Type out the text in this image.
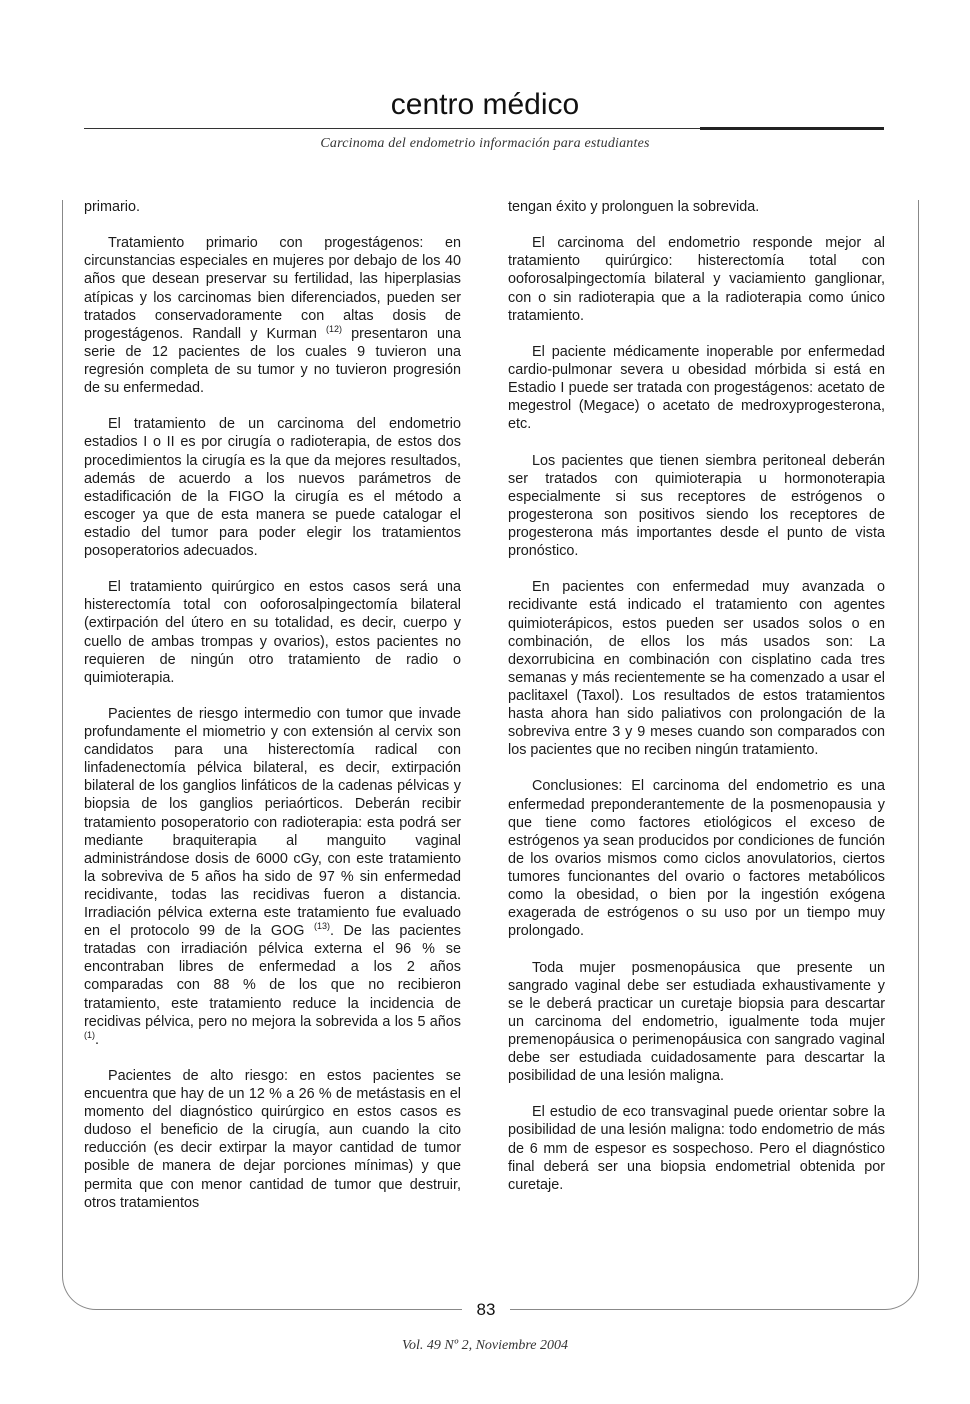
centro médico
Carcinoma del endometrio información para estudiantes

primario.

Tratamiento primario con progestágenos: en circunstancias especiales en mujeres por debajo de los 40 años que desean preservar su fertilidad, las hiperplasias atípicas y los carcinomas bien diferenciados, pueden ser tratados conservadoramente con altas dosis de progestágenos. Randall y Kurman $^{(12)}$ presentaron una serie de 12 pacientes de los cuales 9 tuvieron una regresión completa de su tumor y no tuvieron progresión de su enfermedad.

El tratamiento de un carcinoma del endometrio estadios I o II es por cirugía o radioterapia, de estos dos procedimientos la cirugía es la que da mejores resultados, además de acuerdo a los nuevos parámetros de estadificación de la FIGO la cirugía es el método a escoger ya que de esta manera se puede catalogar el estadio del tumor para poder elegir los tratamientos posoperatorios adecuados.

El tratamiento quirúrgico en estos casos será una histerectomía total con ooforosalpingectomía bilateral (extirpación del útero en su totalidad, es decir, cuerpo y cuello de ambas trompas y ovarios), estos pacientes no requieren de ningún otro tratamiento de radio o quimioterapia.

Pacientes de riesgo intermedio con tumor que invade profundamente el miometrio y con extensión al cervix son candidatos para una histerectomía radical con linfadenectomía pélvica bilateral, es decir, extirpación bilateral de los ganglios linfáticos de la cadenas pélvicas y biopsia de los ganglios periaórticos. Deberán recibir tratamiento posoperatorio con radioterapia: esta podrá ser mediante braquiterapia al manguito vaginal administrándose dosis de 6000 cGy, con este tratamiento la sobreviva de 5 años ha sido de 97 % sin enfermedad recidivante, todas las recidivas fueron a distancia. Irradiación pélvica externa este tratamiento fue evaluado en el protocolo 99 de la GOG $^{(13)}$. De las pacientes tratadas con irradiación pélvica externa el 96 % se encontraban libres de enfermedad a los 2 años comparadas con 88 % de los que no recibieron tratamiento, este tratamiento reduce la incidencia de recidivas pélvica, pero no mejora la sobrevida a los 5 años $^{(1)}$.

Pacientes de alto riesgo: en estos pacientes se encuentra que hay de un 12 % a 26 % de metástasis en el momento del diagnóstico quirúrgico en estos casos es dudoso el beneficio de la cirugía, aun cuando la cito reducción (es decir extirpar la mayor cantidad de tumor posible de manera de dejar porciones mínimas) y que permita que con menor cantidad de tumor que destruir, otros tratamientos

tengan éxito y prolonguen la sobrevida.

El carcinoma del endometrio responde mejor al tratamiento quirúrgico: histerectomía total con ooforosalpingectomía bilateral y vaciamiento ganglionar, con o sin radioterapia que a la radioterapia como único tratamiento.

El paciente médicamente inoperable por enfermedad cardio-pulmonar severa u obesidad mórbida si está en Estadio I puede ser tratada con progestágenos: acetato de megestrol (Megace) o acetato de medroxyprogesterona, etc.

Los pacientes que tienen siembra peritoneal deberán ser tratados con quimioterapia u hormonoterapia especialmente si sus receptores de estrógenos o progesterona son positivos siendo los receptores de progesterona más importantes desde el punto de vista pronóstico.

En pacientes con enfermedad muy avanzada o recidivante está indicado el tratamiento con agentes quimioterápicos, estos pueden ser usados solos o en combinación, de ellos los más usados son: La dexorrubicina en combinación con cisplatino cada tres semanas y más recientemente se ha comenzado a usar el paclitaxel (Taxol). Los resultados de estos tratamientos hasta ahora han sido paliativos con prolongación de la sobreviva entre 3 y 9 meses cuando son comparados con los pacientes que no reciben ningún tratamiento.

Conclusiones: El carcinoma del endometrio es una enfermedad preponderantemente de la posmenopausia y que tiene como factores etiológicos el exceso de estrógenos ya sean producidos por condiciones de función de los ovarios mismos como ciclos anovulatorios, ciertos tumores funcionantes del ovario o factores metabólicos como la obesidad, o bien por la ingestión exógena exagerada de estrógenos o su uso por un tiempo muy prolongado.

Toda mujer posmenopáusica que presente un sangrado vaginal debe ser estudiada exhaustivamente y se le deberá practicar un curetaje biopsia para descartar un carcinoma del endometrio, igualmente toda mujer premenopáusica o perimenopáusica con sangrado vaginal debe ser estudiada cuidadosamente para descartar la posibilidad de una lesión maligna.

El estudio de eco transvaginal puede orientar sobre la posibilidad de una lesión maligna: todo endometrio de más de 6 mm de espesor es sospechoso. Pero el diagnóstico final deberá ser una biopsia endometrial obtenida por curetaje.

83
Vol. 49 Nº 2, Noviembre 2004
